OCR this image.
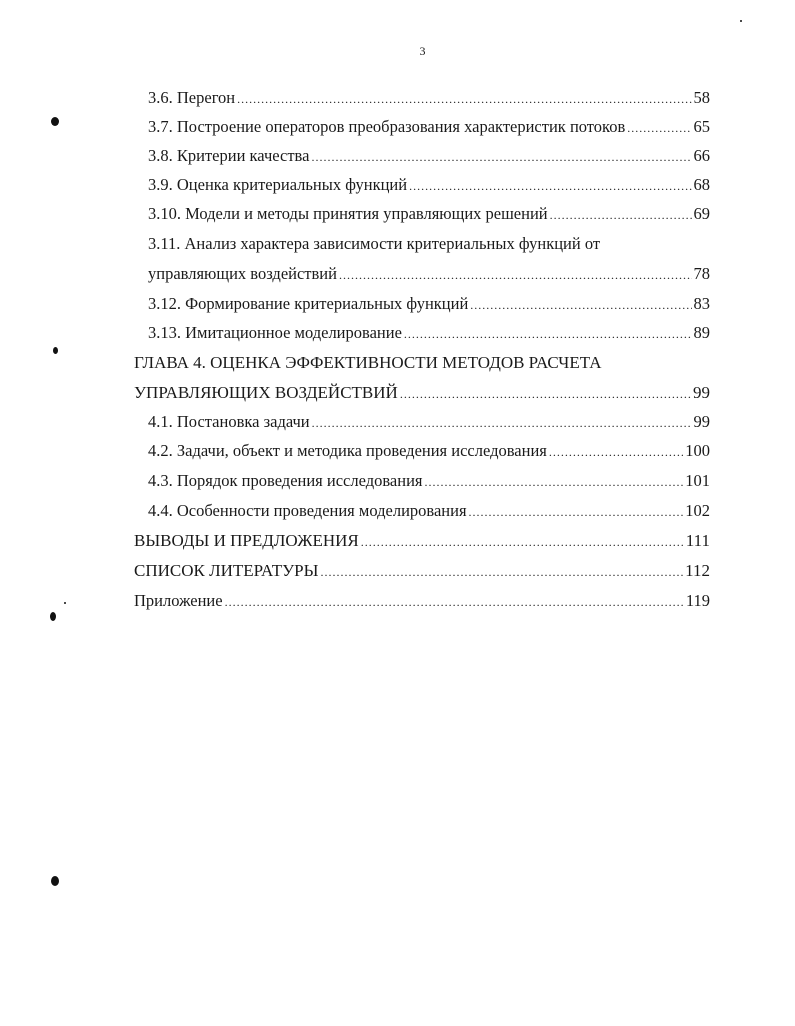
3
3.6. Перегон .....	58
3.7. Построение операторов преобразования характеристик потоков .....	65
3.8. Критерии качества .....	66
3.9. Оценка критериальных функций .....	68
3.10. Модели и методы принятия управляющих решений .....	69
3.11. Анализ характера зависимости критериальных функций от
управляющих воздействий .....	78
3.12. Формирование критериальных функций .....	83
3.13. Имитационное моделирование .....	89
ГЛАВА 4. ОЦЕНКА ЭФФЕКТИВНОСТИ МЕТОДОВ РАСЧЕТА
УПРАВЛЯЮЩИХ ВОЗДЕЙСТВИЙ .....	99
4.1. Постановка задачи .....	99
4.2. Задачи, объект и методика проведения исследования .....	100
4.3. Порядок проведения исследования .....	101
4.4. Особенности проведения моделирования .....	102
ВЫВОДЫ И ПРЕДЛОЖЕНИЯ .....	111
СПИСОК ЛИТЕРАТУРЫ .....	112
Приложение .....	119
